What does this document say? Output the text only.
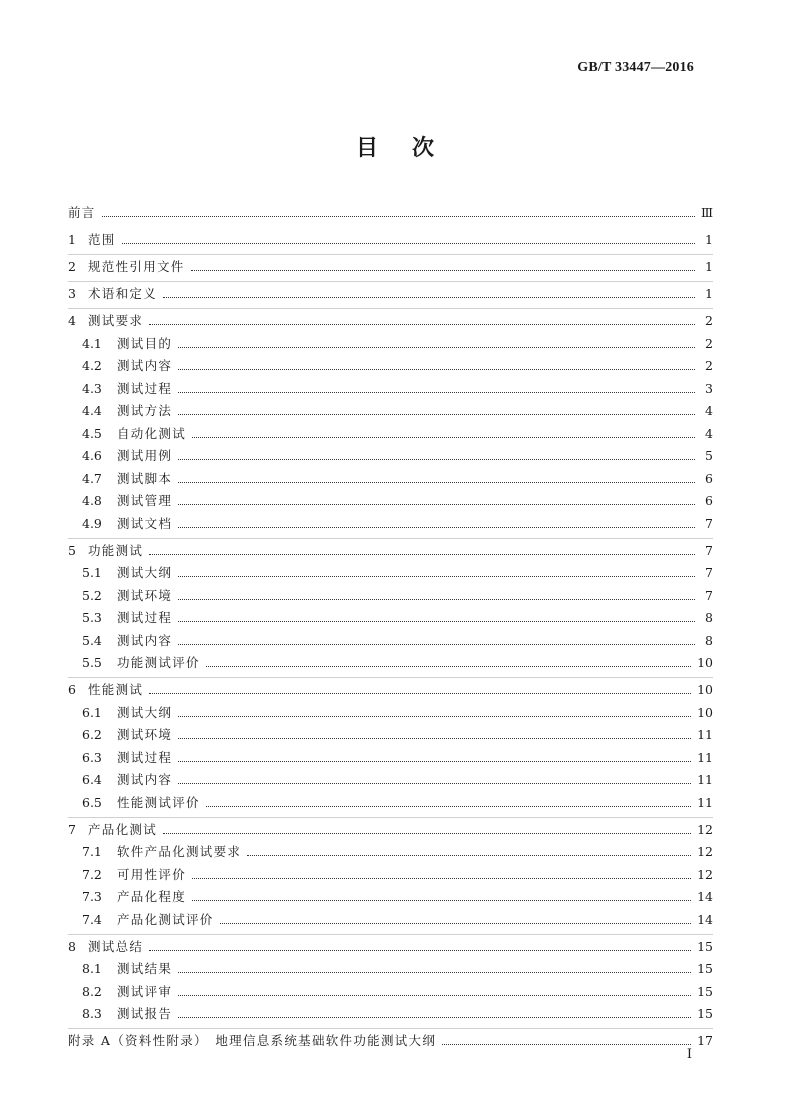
GB/T 33447—2016
目次
前言	Ⅲ
1 范围	1
2 规范性引用文件	1
3 术语和定义	1
4 测试要求	2
4.1	测试目的	2
4.2	测试内容	2
4.3	测试过程	3
4.4	测试方法	4
4.5	自动化测试	4
4.6	测试用例	5
4.7	测试脚本	6
4.8	测试管理	6
4.9	测试文档	7
5 功能测试	7
5.1	测试大纲	7
5.2	测试环境	7
5.3	测试过程	8
5.4	测试内容	8
5.5	功能测试评价	10
6 性能测试	10
6.1	测试大纲	10
6.2	测试环境	11
6.3	测试过程	11
6.4	测试内容	11
6.5	性能测试评价	11
7 产品化测试	12
7.1	软件产品化测试要求	12
7.2	可用性评价	12
7.3	产品化程度	14
7.4	产品化测试评价	14
8 测试总结	15
8.1	测试结果	15
8.2	测试评审	15
8.3	测试报告	15
附录 A（资料性附录）　地理信息系统基础软件功能测试大纲	17
I
